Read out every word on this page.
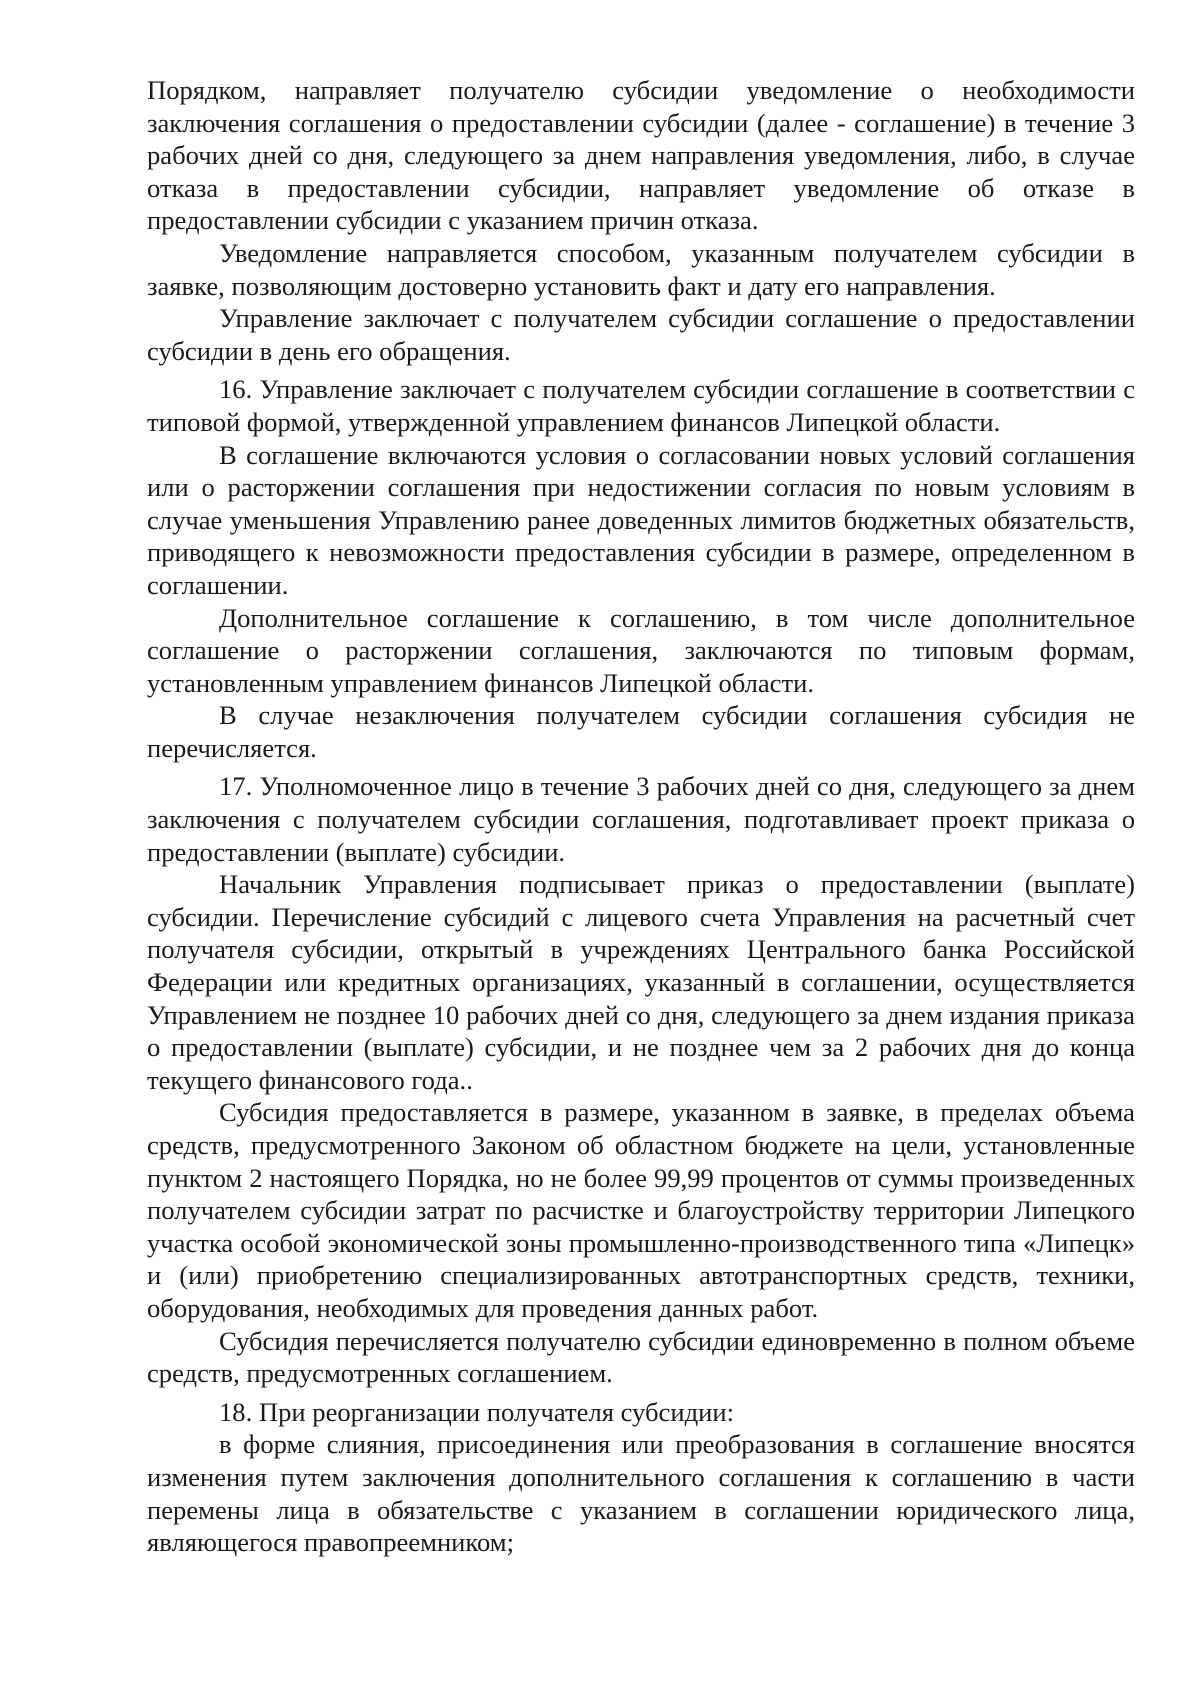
Порядком, направляет получателю субсидии уведомление о необходимости заключения соглашения о предоставлении субсидии (далее - соглашение) в течение 3 рабочих дней со дня, следующего за днем направления уведомления, либо, в случае отказа в предоставлении субсидии, направляет уведомление об отказе в предоставлении субсидии с указанием причин отказа.

Уведомление направляется способом, указанным получателем субсидии в заявке, позволяющим достоверно установить факт и дату его направления.

Управление заключает с получателем субсидии соглашение о предоставлении субсидии в день его обращения.

16. Управление заключает с получателем субсидии соглашение в соответствии с типовой формой, утвержденной управлением финансов Липецкой области.

В соглашение включаются условия о согласовании новых условий соглашения или о расторжении соглашения при недостижении согласия по новым условиям в случае уменьшения Управлению ранее доведенных лимитов бюджетных обязательств, приводящего к невозможности предоставления субсидии в размере, определенном в соглашении.

Дополнительное соглашение к соглашению, в том числе дополнительное соглашение о расторжении соглашения, заключаются по типовым формам, установленным управлением финансов Липецкой области.

В случае незаключения получателем субсидии соглашения субсидия не перечисляется.

17. Уполномоченное лицо в течение 3 рабочих дней со дня, следующего за днем заключения с получателем субсидии соглашения, подготавливает проект приказа о предоставлении (выплате) субсидии.

Начальник Управления подписывает приказ о предоставлении (выплате) субсидии. Перечисление субсидий с лицевого счета Управления на расчетный счет получателя субсидии, открытый в учреждениях Центрального банка Российской Федерации или кредитных организациях, указанный в соглашении, осуществляется Управлением не позднее 10 рабочих дней со дня, следующего за днем издания приказа о предоставлении (выплате) субсидии, и не позднее чем за 2 рабочих дня до конца текущего финансового года..

Субсидия предоставляется в размере, указанном в заявке, в пределах объема средств, предусмотренного Законом об областном бюджете на цели, установленные пунктом 2 настоящего Порядка, но не более 99,99 процентов от суммы произведенных получателем субсидии затрат по расчистке и благоустройству территории Липецкого участка особой экономической зоны промышленно-производственного типа «Липецк» и (или) приобретению специализированных автотранспортных средств, техники, оборудования, необходимых для проведения данных работ.

Субсидия перечисляется получателю субсидии единовременно в полном объеме средств, предусмотренных соглашением.

18. При реорганизации получателя субсидии:

в форме слияния, присоединения или преобразования в соглашение вносятся изменения путем заключения дополнительного соглашения к соглашению в части перемены лица в обязательстве с указанием в соглашении юридического лица, являющегося правопреемником;
